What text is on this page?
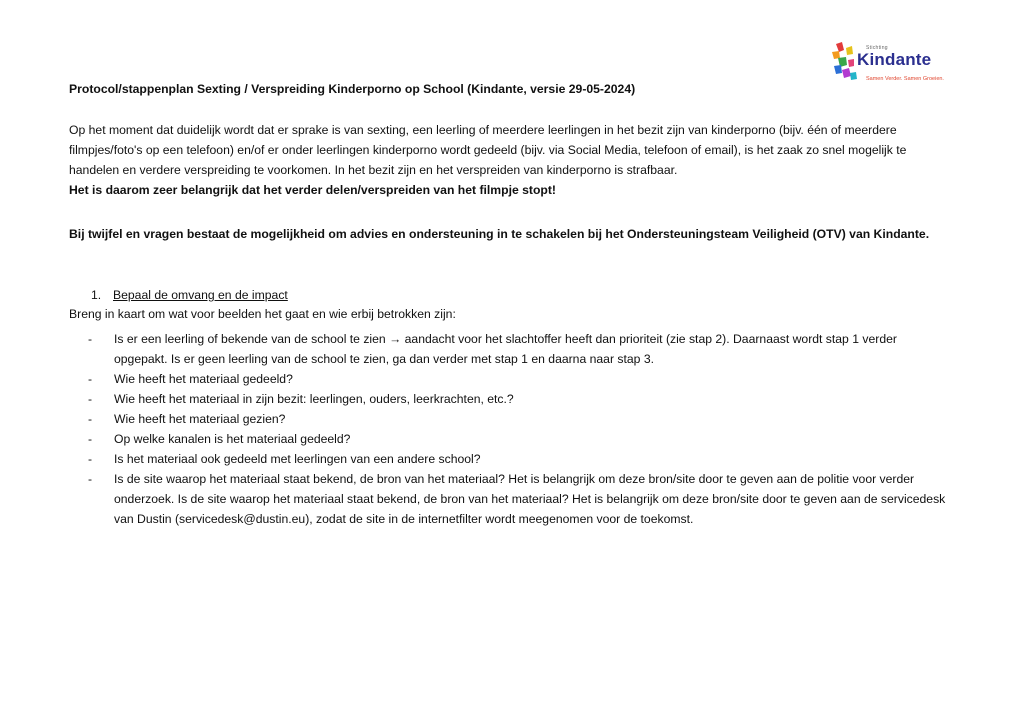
Stichting
Kindante
Samen Verder. Samen Groeien.
Protocol/stappenplan Sexting / Verspreiding Kinderporno op School (Kindante, versie 29-05-2024)
Op het moment dat duidelijk wordt dat er sprake is van sexting, een leerling of meerdere leerlingen in het bezit zijn van kinderporno (bijv. één of meerdere filmpjes/foto's op een telefoon) en/of er onder leerlingen kinderporno wordt gedeeld (bijv. via Social Media, telefoon of email), is het zaak zo snel mogelijk te handelen en verdere verspreiding te voorkomen. In het bezit zijn en het verspreiden van kinderporno is strafbaar.
Het is daarom zeer belangrijk dat het verder delen/verspreiden van het filmpje stopt!
Bij twijfel en vragen bestaat de mogelijkheid om advies en ondersteuning in te schakelen bij het Ondersteuningsteam Veiligheid (OTV) van Kindante.
1. Bepaal de omvang en de impact
Breng in kaart om wat voor beelden het gaat en wie erbij betrokken zijn:
- Is er een leerling of bekende van de school te zien → aandacht voor het slachtoffer heeft dan prioriteit (zie stap 2). Daarnaast wordt stap 1 verder opgepakt. Is er geen leerling van de school te zien, ga dan verder met stap 1 en daarna naar stap 3.
- Wie heeft het materiaal gedeeld?
- Wie heeft het materiaal in zijn bezit: leerlingen, ouders, leerkrachten, etc.?
- Wie heeft het materiaal gezien?
- Op welke kanalen is het materiaal gedeeld?
- Is het materiaal ook gedeeld met leerlingen van een andere school?
- Is de site waarop het materiaal staat bekend, de bron van het materiaal? Het is belangrijk om deze bron/site door te geven aan de politie voor verder onderzoek. Is de site waarop het materiaal staat bekend, de bron van het materiaal? Het is belangrijk om deze bron/site door te geven aan de servicedesk van Dustin (servicedesk@dustin.eu), zodat de site in de internetfilter wordt meegenomen voor de toekomst.
